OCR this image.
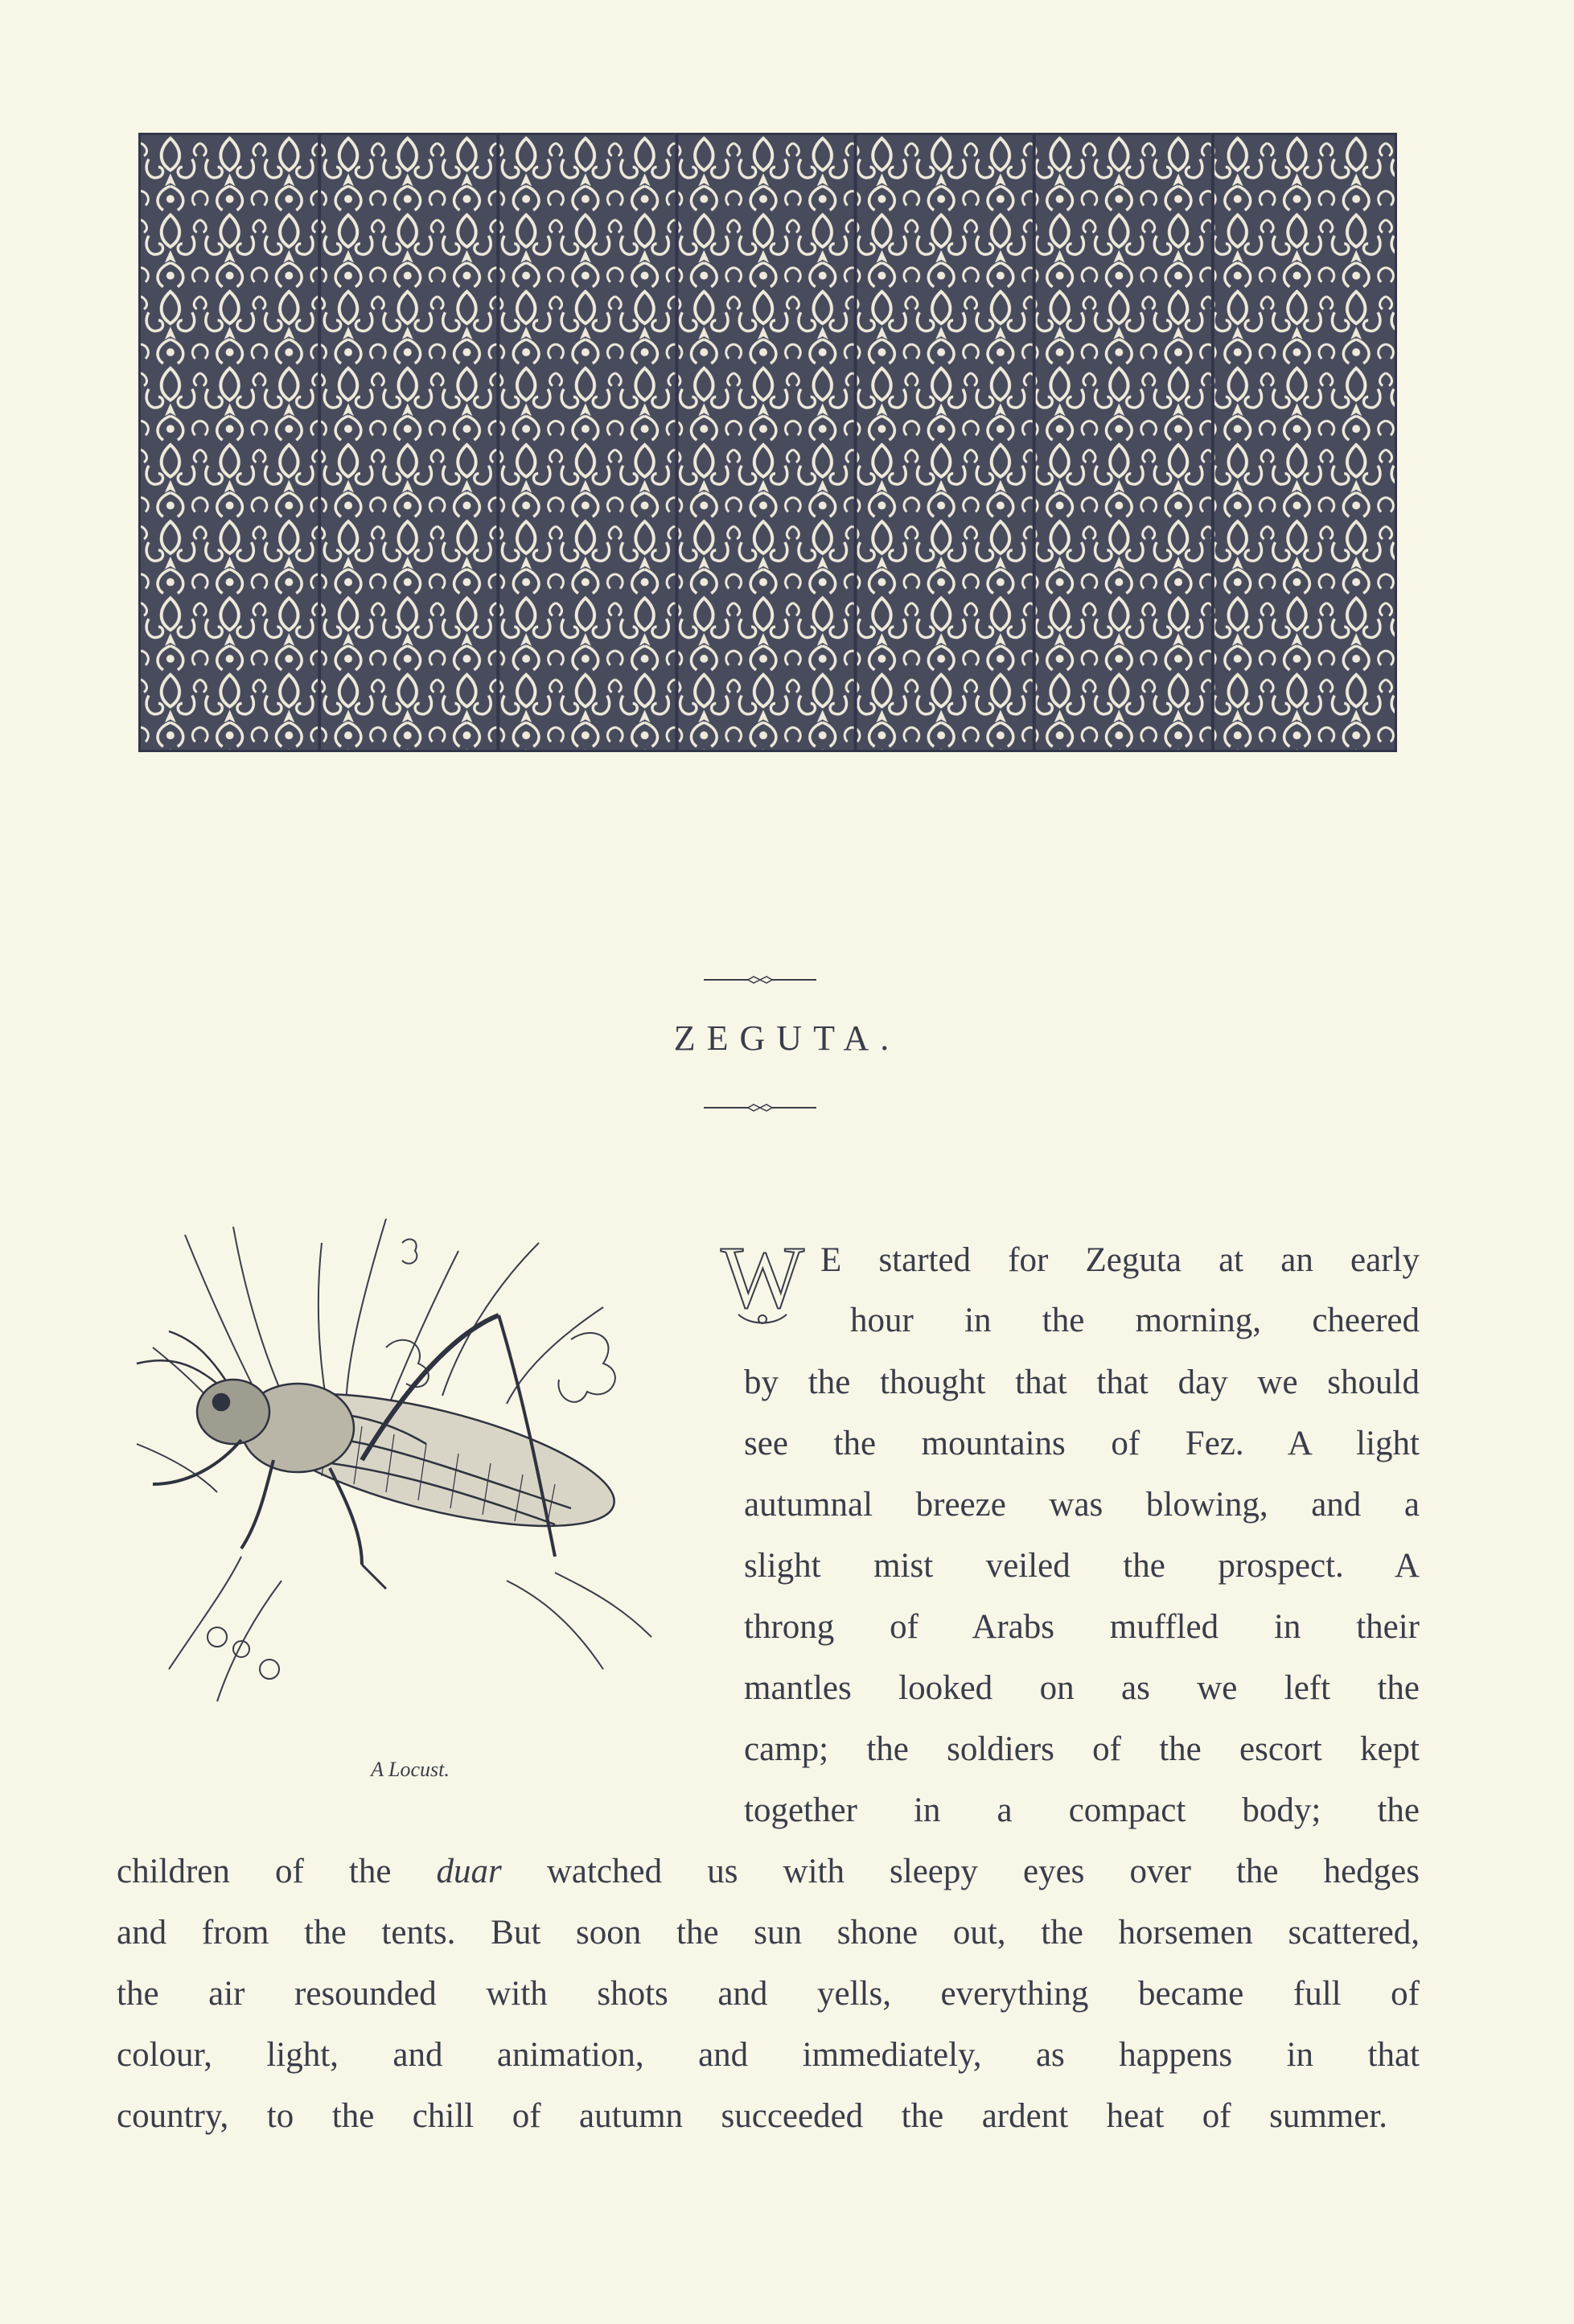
ZEGUTA.
A Locust.
W E started for Zeguta at an early
hour in the morning, cheered
by the thought that that day we should
see the mountains of Fez. A light
autumnal breeze was blowing, and a
slight mist veiled the prospect. A
throng of Arabs muffled in their
mantles looked on as we left the
camp; the soldiers of the escort kept
together in a compact body; the
children of the duar watched us with sleepy eyes over the hedges
and from the tents. But soon the sun shone out, the horsemen scattered,
the air resounded with shots and yells, everything became full of
colour, light, and animation, and immediately, as happens in that
country, to the chill of autumn succeeded the ardent heat of summer.
